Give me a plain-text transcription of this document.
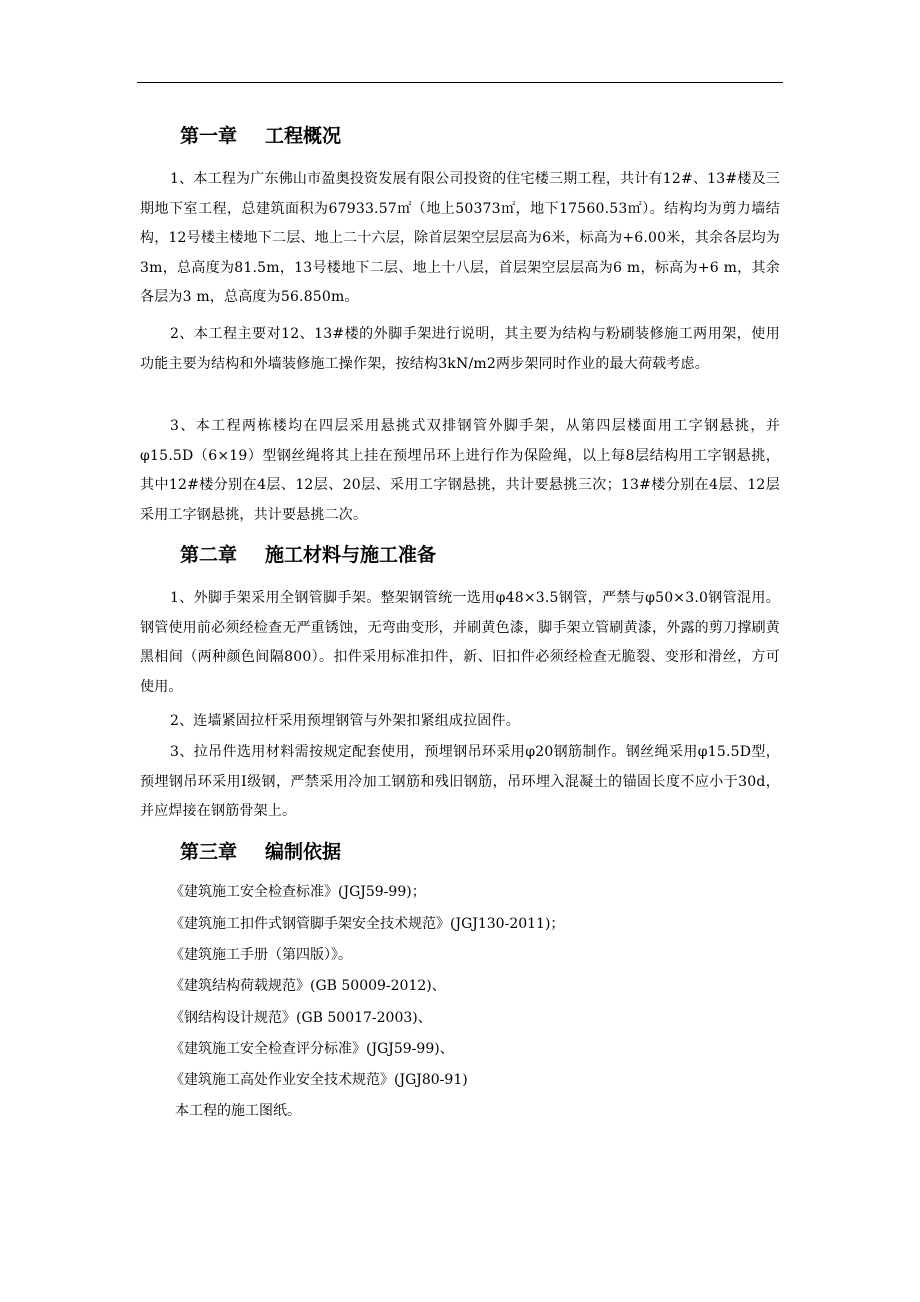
第一章 工程概况
1、本工程为广东佛山市盈奥投资发展有限公司投资的住宅楼三期工程，共计有12#、13#楼及三期地下室工程，总建筑面积为67933.57㎡（地上50373㎡，地下17560.53㎡）。结构均为剪力墙结构，12号楼主楼地下二层、地上二十六层，除首层架空层层高为6米，标高为+6.00米，其余各层均为3m，总高度为81.5m，13号楼地下二层、地上十八层，首层架空层层高为6 m，标高为+6 m，其余各层为3 m，总高度为56.850m。
2、本工程主要对12、13#楼的外脚手架进行说明，其主要为结构与粉刷装修施工两用架，使用功能主要为结构和外墙装修施工操作架，按结构3kN/m2两步架同时作业的最大荷载考虑。
3、本工程两栋楼均在四层采用悬挑式双排钢管外脚手架，从第四层楼面用工字钢悬挑，并φ15.5D（6×19）型钢丝绳将其上挂在预埋吊环上进行作为保险绳，以上每8层结构用工字钢悬挑，其中12#楼分别在4层、12层、20层、采用工字钢悬挑，共计要悬挑三次；13#楼分别在4层、12层采用工字钢悬挑，共计要悬挑二次。
第二章 施工材料与施工准备
1、外脚手架采用全钢管脚手架。整架钢管统一选用φ48×3.5钢管，严禁与φ50×3.0钢管混用。钢管使用前必须经检查无严重锈蚀，无弯曲变形，并刷黄色漆，脚手架立管刷黄漆，外露的剪刀撑刷黄黑相间（两种颜色间隔800）。扣件采用标准扣件，新、旧扣件必须经检查无脆裂、变形和滑丝，方可使用。
2、连墙紧固拉杆采用预埋钢管与外架扣紧组成拉固件。
3、拉吊件选用材料需按规定配套使用，预埋钢吊环采用φ20钢筋制作。钢丝绳采用φ15.5D型，预埋钢吊环采用Ⅰ级钢，严禁采用冷加工钢筋和残旧钢筋，吊环埋入混凝土的锚固长度不应小于30d，并应焊接在钢筋骨架上。
第三章 编制依据
《建筑施工安全检查标准》(JGJ59-99)；
《建筑施工扣件式钢管脚手架安全技术规范》(JGJ130-2011)；
《建筑施工手册（第四版）》。
《建筑结构荷载规范》(GB 50009-2012)、
《钢结构设计规范》(GB 50017-2003)、
《建筑施工安全检查评分标准》(JGJ59-99)、
《建筑施工高处作业安全技术规范》(JGJ80-91)
本工程的施工图纸。
